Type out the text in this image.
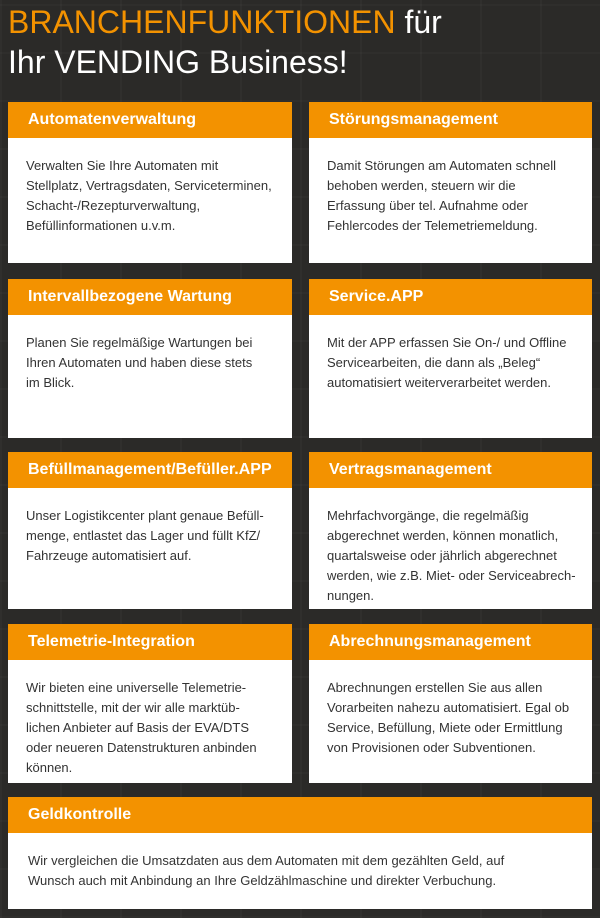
BRANCHENFUNKTIONEN für
Ihr VENDING Business!
Automatenverwaltung
Verwalten Sie Ihre Automaten mit
Stellplatz, Vertragsdaten, Serviceterminen,
Schacht-/Rezepturverwaltung,
Befüllinformationen u.v.m.
Störungsmanagement
Damit Störungen am Automaten schnell
behoben werden, steuern wir die
Erfassung über tel. Aufnahme oder
Fehlercodes der Telemetriemeldung.
Intervallbezogene Wartung
Planen Sie regelmäßige Wartungen bei
Ihren Automaten und haben diese stets
im Blick.
Service.APP
Mit der APP erfassen Sie On-/ und Offline
Servicearbeiten, die dann als „Beleg“
automatisiert weiterverarbeitet werden.
Befüllmanagement/Befüller.APP
Unser Logistikcenter plant genaue Befüll-
menge, entlastet das Lager und füllt KfZ/
Fahrzeuge automatisiert auf.
Vertragsmanagement
Mehrfachvorgänge, die regelmäßig
abgerechnet werden, können monatlich,
quartalsweise oder jährlich abgerechnet
werden, wie z.B. Miet- oder Serviceabrech-
nungen.
Telemetrie-Integration
Wir bieten eine universelle Telemetrie-
schnittstelle, mit der wir alle marktüb-
lichen Anbieter auf Basis der EVA/DTS
oder neueren Datenstrukturen anbinden
können.
Abrechnungsmanagement
Abrechnungen erstellen Sie aus allen
Vorarbeiten nahezu automatisiert. Egal ob
Service, Befüllung, Miete oder Ermittlung
von Provisionen oder Subventionen.
Geldkontrolle
Wir vergleichen die Umsatzdaten aus dem Automaten mit dem gezählten Geld, auf
Wunsch auch mit Anbindung an Ihre Geldzählmaschine und direkter Verbuchung.
